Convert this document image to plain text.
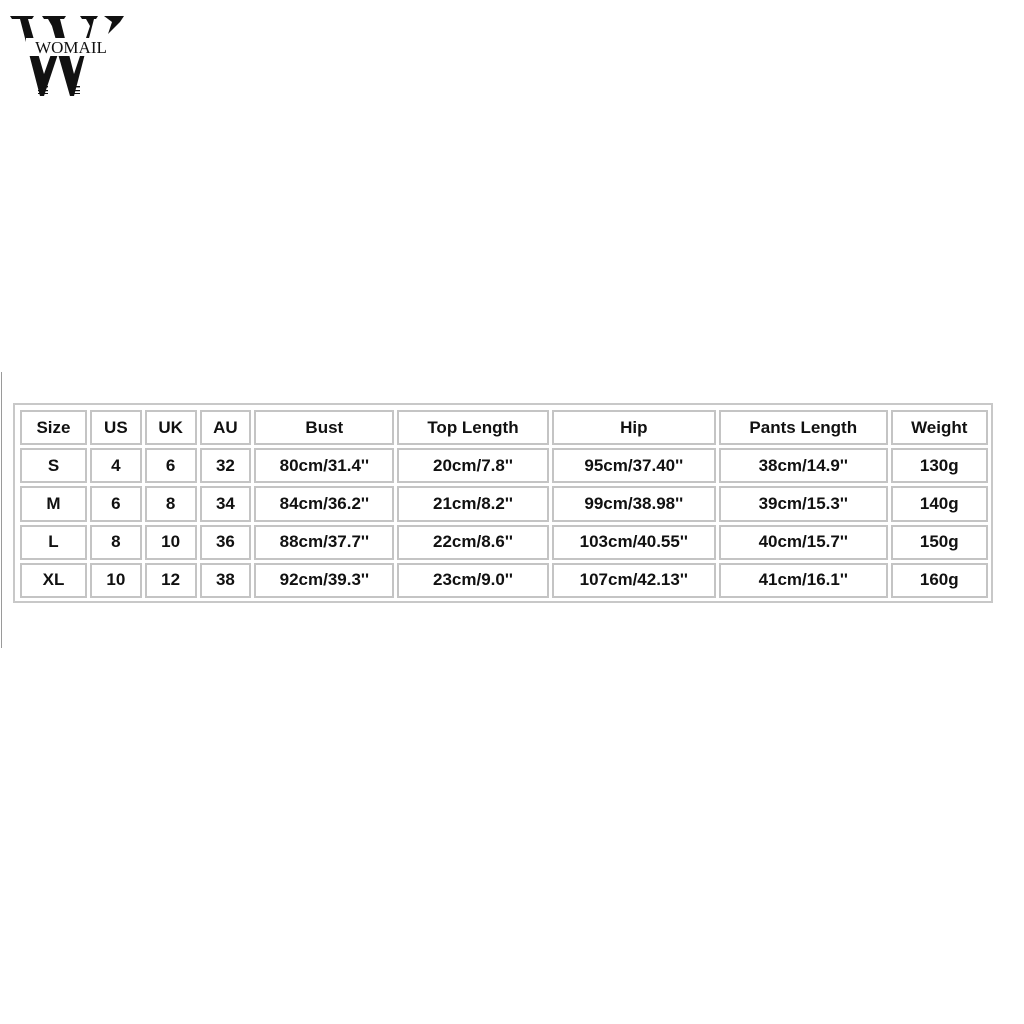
WOMAIL
Size	US	UK	AU	Bust	Top Length	Hip	Pants Length	Weight
S	4	6	32	80cm/31.4''	20cm/7.8''	95cm/37.40''	38cm/14.9''	130g
M	6	8	34	84cm/36.2''	21cm/8.2''	99cm/38.98''	39cm/15.3''	140g
L	8	10	36	88cm/37.7''	22cm/8.6''	103cm/40.55''	40cm/15.7''	150g
XL	10	12	38	92cm/39.3''	23cm/9.0''	107cm/42.13''	41cm/16.1''	160g
